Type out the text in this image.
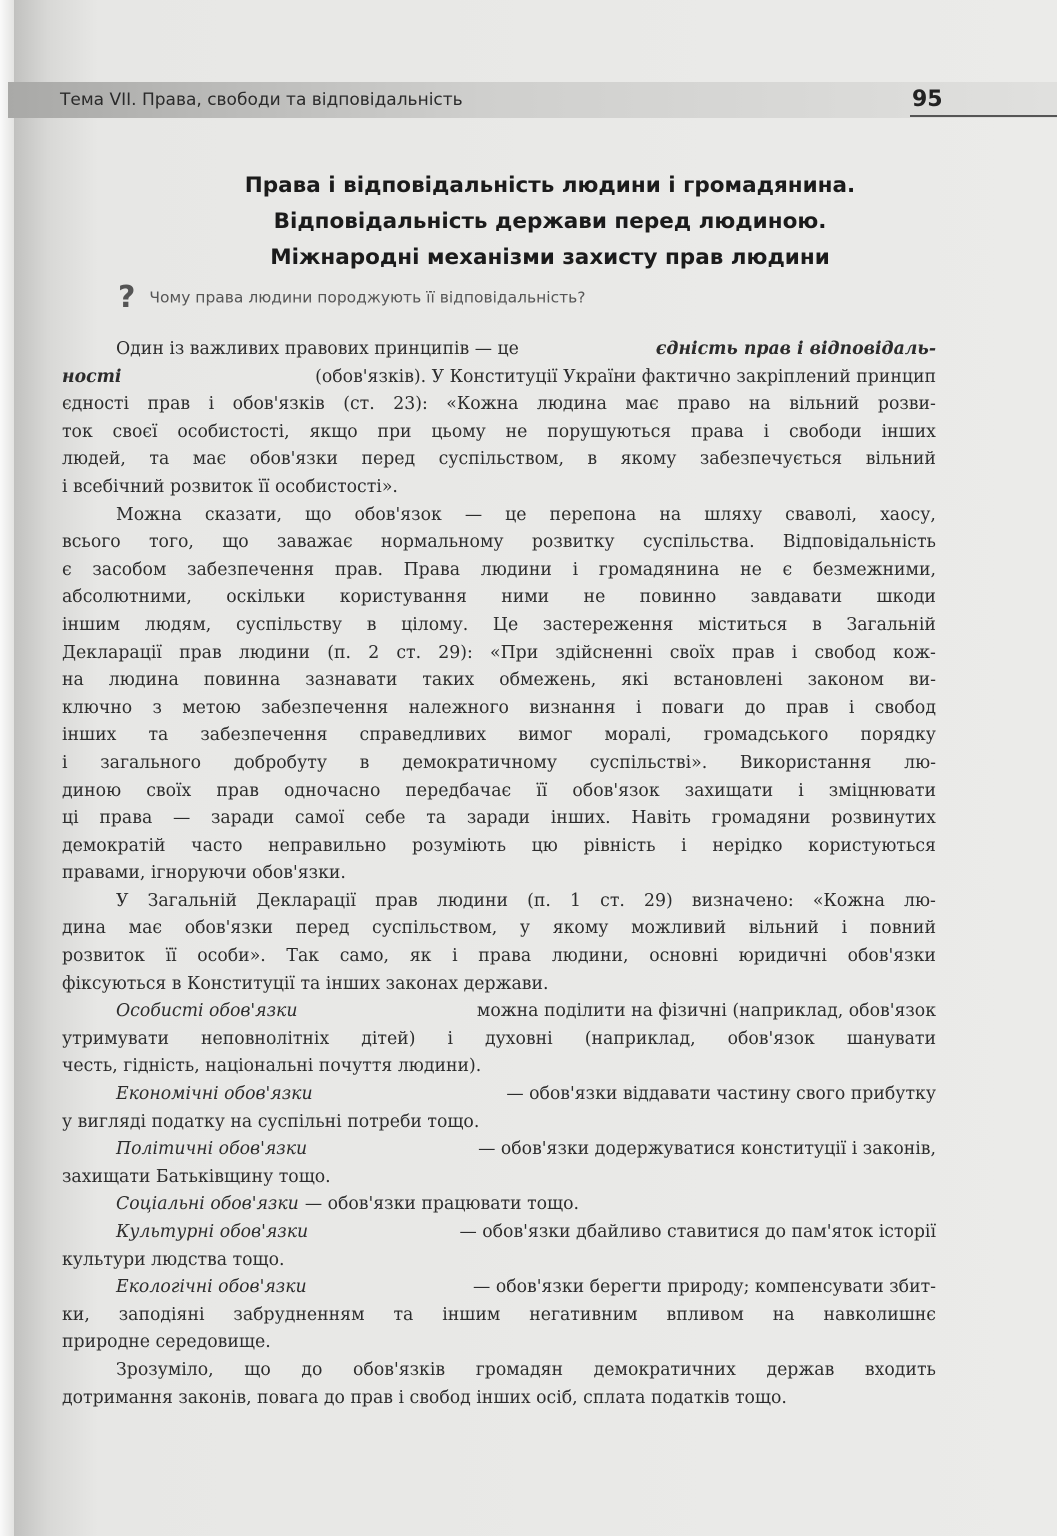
Тема VII. Права, свободи та відповідальність	95
Права і відповідальність людини і громадянина.
Відповідальність держави перед людиною.
Міжнародні механізми захисту прав людини
? Чому права людини породжують її відповідальність?
Один із важливих правових принципів — це	єдність прав і відповідаль-
ності	(обов'язків). У Конституції України фактично закріплений принцип
єдності прав і обов'язків (ст. 23): «Кожна людина має право на вільний розви-
ток своєї особистості, якщо при цьому не порушуються права і свободи інших
людей, та має обов'язки перед суспільством, в якому забезпечується вільний
і всебічний розвиток її особистості».
Можна сказати, що обов'язок — це перепона на шляху сваволі, хаосу,
всього того, що заважає нормальному розвитку суспільства. Відповідальність
є засобом забезпечення прав. Права людини і громадянина не є безмежними,
абсолютними, оскільки користування ними не повинно завдавати шкоди
іншим людям, суспільству в цілому. Це застереження міститься в Загальній
Декларації прав людини (п. 2 ст. 29): «При здійсненні своїх прав і свобод кож-
на людина повинна зазнавати таких обмежень, які встановлені законом ви-
ключно з метою забезпечення належного визнання і поваги до прав і свобод
інших та забезпечення справедливих вимог моралі, громадського порядку
і загального добробуту в демократичному суспільстві». Використання лю-
диною своїх прав одночасно передбачає її обов'язок захищати і зміцнювати
ці права — заради самої себе та заради інших. Навіть громадяни розвинутих
демократій часто неправильно розуміють цю рівність і нерідко користуються
правами, ігноруючи обов'язки.
У Загальній Декларації прав людини (п. 1 ст. 29) визначено: «Кожна лю-
дина має обов'язки перед суспільством, у якому можливий вільний і повний
розвиток її особи». Так само, як і права людини, основні юридичні обов'язки
фіксуються в Конституції та інших законах держави.
Особисті обов'язки	можна поділити на фізичні (наприклад, обов'язок
утримувати неповнолітніх дітей) і духовні (наприклад, обов'язок шанувати
честь, гідність, національні почуття людини).
Економічні обов'язки	— обов'язки віддавати частину свого прибутку
у вигляді податку на суспільні потреби тощо.
Політичні обов'язки	— обов'язки додержуватися конституції і законів,
захищати Батьківщину тощо.
Соціальні обов'язки — обов'язки працювати тощо.
Культурні обов'язки	— обов'язки дбайливо ставитися до пам'яток історії
культури людства тощо.
Екологічні обов'язки	— обов'язки берегти природу; компенсувати збит-
ки, заподіяні забрудненням та іншим негативним впливом на навколишнє
природне середовище.
Зрозуміло, що до обов'язків громадян демократичних держав входить
дотримання законів, повага до прав і свобод інших осіб, сплата податків тощо.
